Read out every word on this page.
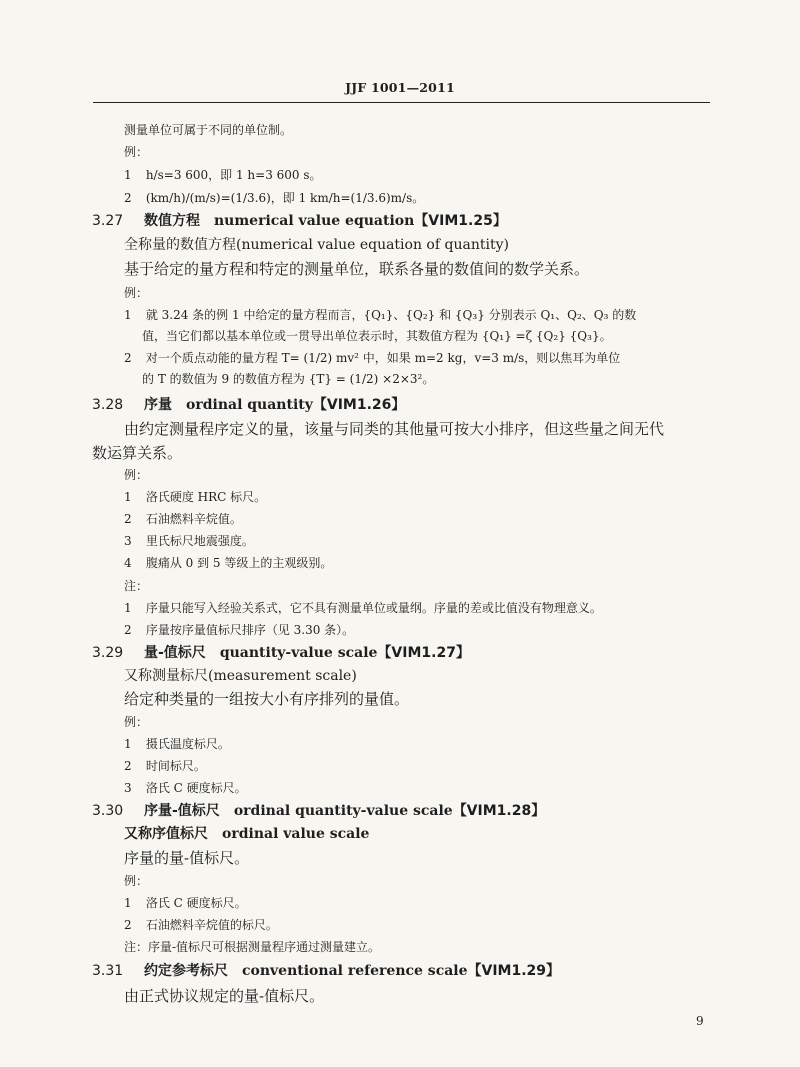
JJF 1001—2011
测量单位可属于不同的单位制。
例：
1 h/s=3 600，即 1 h=3 600 s。
2 (km/h)/(m/s)=(1/3.6)，即 1 km/h=(1/3.6)m/s。
3.27 数值方程 numerical value equation【VIM1.25】
全称量的数值方程(numerical value equation of quantity)
基于给定的量方程和特定的测量单位，联系各量的数值间的数学关系。
例：
1 就 3.24 条的例 1 中给定的量方程而言，{Q₁}、{Q₂} 和 {Q₃} 分别表示 Q₁、Q₂、Q₃ 的数
值，当它们都以基本单位或一贯导出单位表示时，其数值方程为 {Q₁} =ζ {Q₂} {Q₃}。
2 对一个质点动能的量方程 T= (1/2) mv² 中，如果 m=2 kg，v=3 m/s，则以焦耳为单位
的 T 的数值为 9 的数值方程为 {T} = (1/2) ×2×3²。
3.28 序量 ordinal quantity【VIM1.26】
由约定测量程序定义的量，该量与同类的其他量可按大小排序，但这些量之间无代
数运算关系。
例：
1 洛氏硬度 HRC 标尺。
2 石油燃料辛烷值。
3 里氏标尺地震强度。
4 腹痛从 0 到 5 等级上的主观级别。
注：
1 序量只能写入经验关系式，它不具有测量单位或量纲。序量的差或比值没有物理意义。
2 序量按序量值标尺排序（见 3.30 条）。
3.29 量-值标尺 quantity-value scale【VIM1.27】
又称测量标尺(measurement scale)
给定种类量的一组按大小有序排列的量值。
例：
1 摄氏温度标尺。
2 时间标尺。
3 洛氏 C 硬度标尺。
3.30 序量-值标尺 ordinal quantity-value scale【VIM1.28】
又称序值标尺 ordinal value scale
序量的量-值标尺。
例：
1 洛氏 C 硬度标尺。
2 石油燃料辛烷值的标尺。
注：序量-值标尺可根据测量程序通过测量建立。
3.31 约定参考标尺 conventional reference scale【VIM1.29】
由正式协议规定的量-值标尺。
9
